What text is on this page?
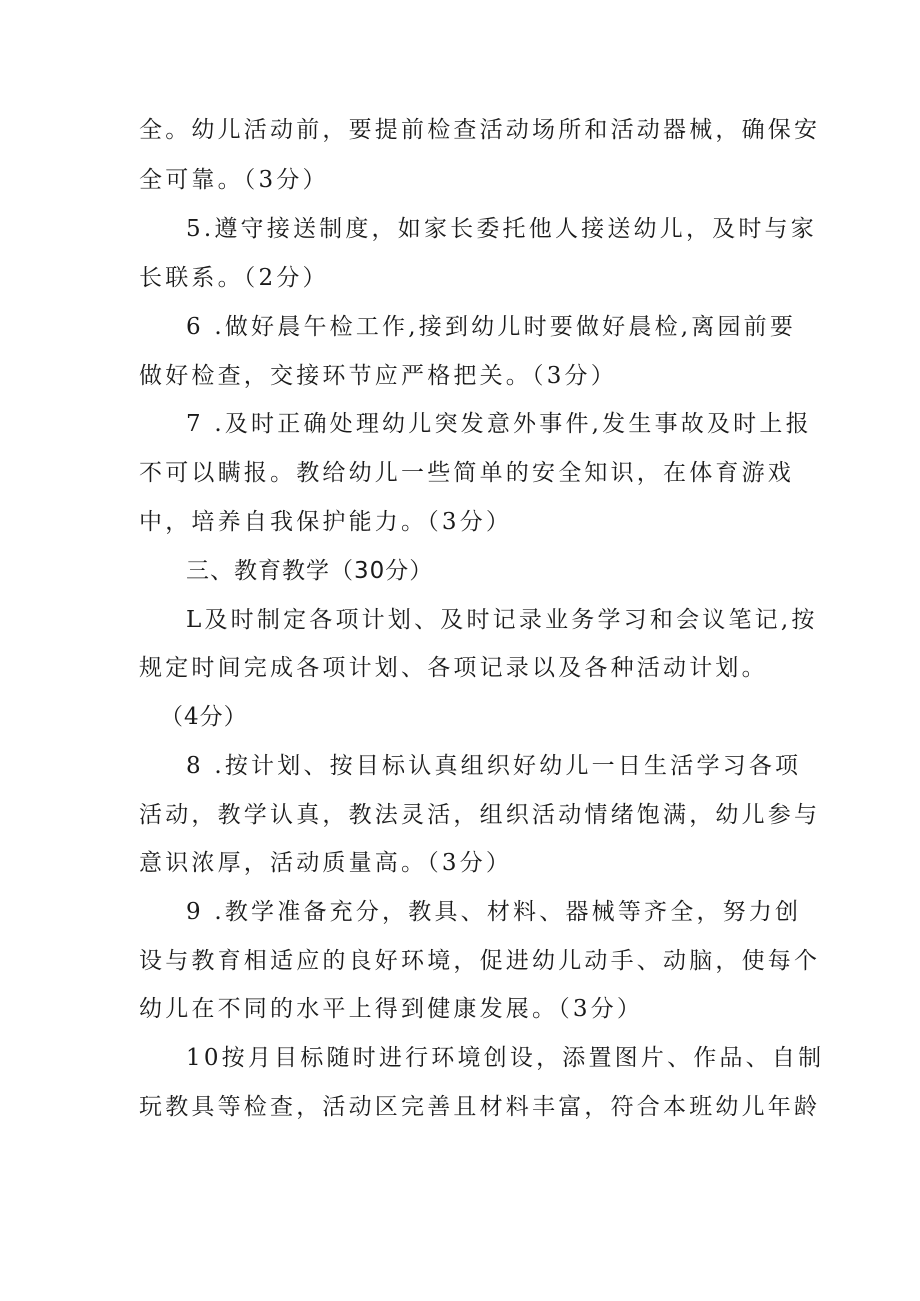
全。幼儿活动前，要提前检查活动场所和活动器械，确保安
全可靠。（3分）
5.遵守接送制度，如家长委托他人接送幼儿，及时与家
长联系。（2分）
6 .做好晨午检工作,接到幼儿时要做好晨检,离园前要
做好检查，交接环节应严格把关。（3分）
7 .及时正确处理幼儿突发意外事件,发生事故及时上报
不可以瞒报。教给幼儿一些简单的安全知识，在体育游戏
中，培养自我保护能力。（3分）
三、教育教学（30分）
L及时制定各项计划、及时记录业务学习和会议笔记,按
规定时间完成各项计划、各项记录以及各种活动计划。
（4分）
8 .按计划、按目标认真组织好幼儿一日生活学习各项
活动，教学认真，教法灵活，组织活动情绪饱满，幼儿参与
意识浓厚，活动质量高。（3分）
9 .教学准备充分，教具、材料、器械等齐全，努力创
设与教育相适应的良好环境，促进幼儿动手、动脑，使每个
幼儿在不同的水平上得到健康发展。（3分）
10按月目标随时进行环境创设，添置图片、作品、自制
玩教具等检查，活动区完善且材料丰富，符合本班幼儿年龄
